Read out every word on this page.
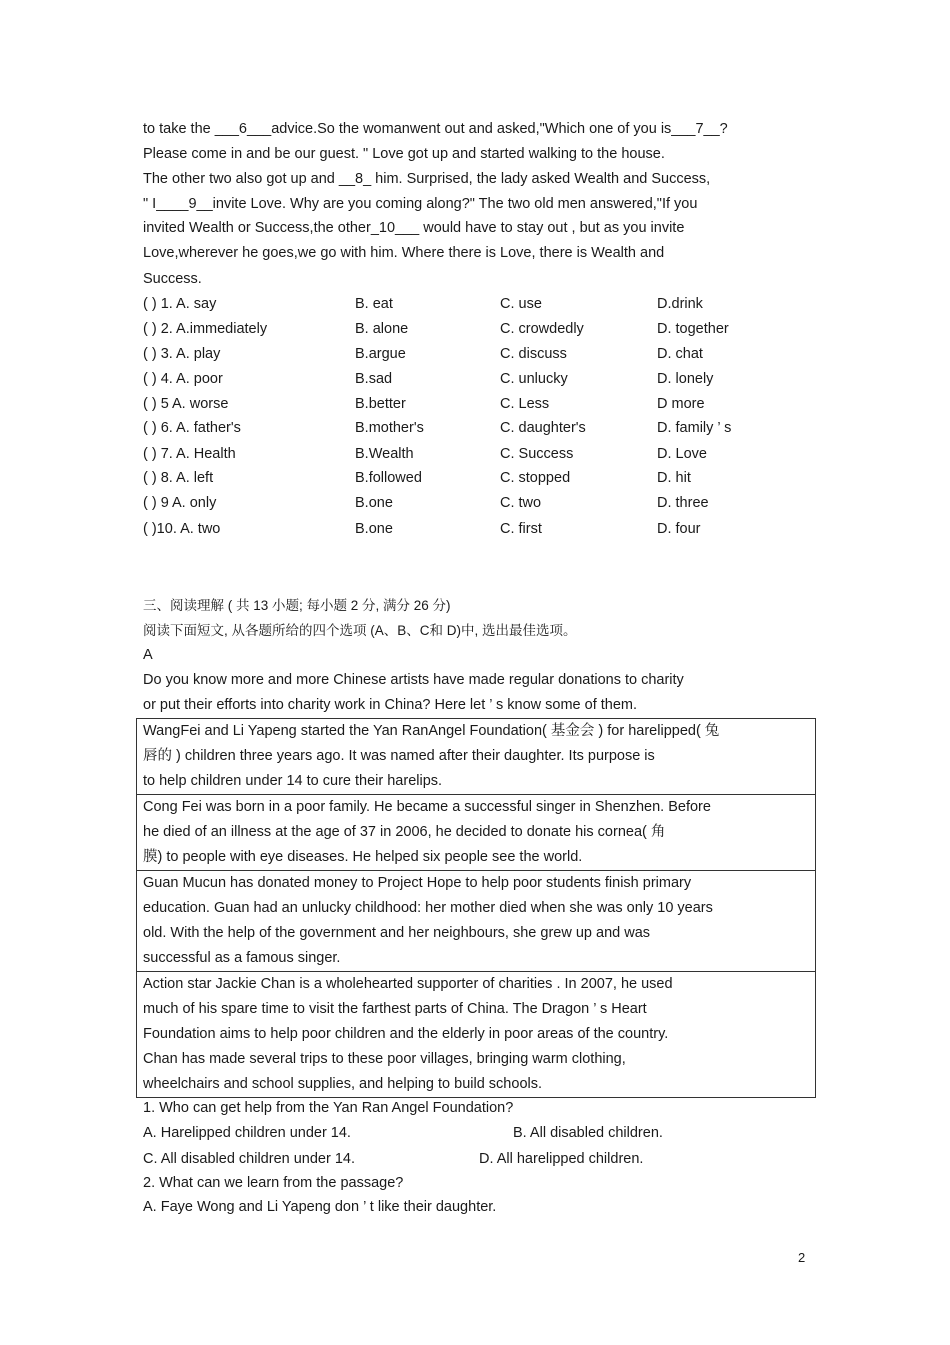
to take the ___6___advice.So the womanwent out and asked,"Which one of you is___7__?
Please come in and be our guest. " Love got up and started walking to the house.
The other two also got up and __8_ him. Surprised, the lady asked Wealth and Success,
" I____9__invite Love. Why are you coming along?" The two old men answered,"If you
invited Wealth or Success,the other_10___ would have to stay out , but as you invite
Love,wherever he goes,we go with him. Where there is Love, there is Wealth and
Success.
( ) 1. A. say	B. eat	C. use	D.drink
( ) 2. A.immediately	B. alone	C. crowdedly	D. together
( ) 3. A. play	B.argue	C. discuss	D. chat
( ) 4. A. poor	B.sad	C. unlucky	D. lonely
( ) 5 A. worse	B.better	C. Less	D more
( ) 6. A. father's	B.mother's	C. daughter's	D. family ’ s
( ) 7. A. Health	B.Wealth	C. Success	D. Love
( ) 8. A. left	B.followed	C. stopped	D. hit
( ) 9 A. only	B.one	C. two	D. three
( )10. A. two	B.one	C. first	D. four
三、阅读理解 ( 共 13 小题; 每小题 2 分, 满分 26 分)
阅读下面短文, 从各题所给的四个选项 (A、B、C和 D)中, 选出最佳选项。
A
Do you know more and more Chinese artists have made regular donations to charity
or put their efforts into charity work in China? Here let ’ s know some of them.
WangFei and Li Yapeng started the Yan RanAngel Foundation( 基金会 ) for harelipped( 兔
唇的 ) children three years ago. It was named after their daughter. Its purpose is
to help children under 14 to cure their harelips.
Cong Fei was born in a poor family. He became a successful singer in Shenzhen. Before
he died of an illness at the age of 37 in 2006, he decided to donate his cornea( 角
膜) to people with eye diseases. He helped six people see the world.
Guan Mucun has donated money to Project Hope to help poor students finish primary
education. Guan had an unlucky childhood: her mother died when she was only 10 years
old. With the help of the government and her neighbours, she grew up and was
successful as a famous singer.
Action star Jackie Chan is a wholehearted supporter of charities . In 2007, he used
much of his spare time to visit the farthest parts of China. The Dragon ’ s Heart
Foundation aims to help poor children and the elderly in poor areas of the country.
Chan has made several trips to these poor villages, bringing warm clothing,
wheelchairs and school supplies, and helping to build schools.
1. Who can get help from the Yan Ran Angel Foundation?
A. Harelipped children under 14.	B. All disabled children.
C. All disabled children under 14.	D. All harelipped children.
2. What can we learn from the passage?
A. Faye Wong and Li Yapeng don ’ t like their daughter.
2
